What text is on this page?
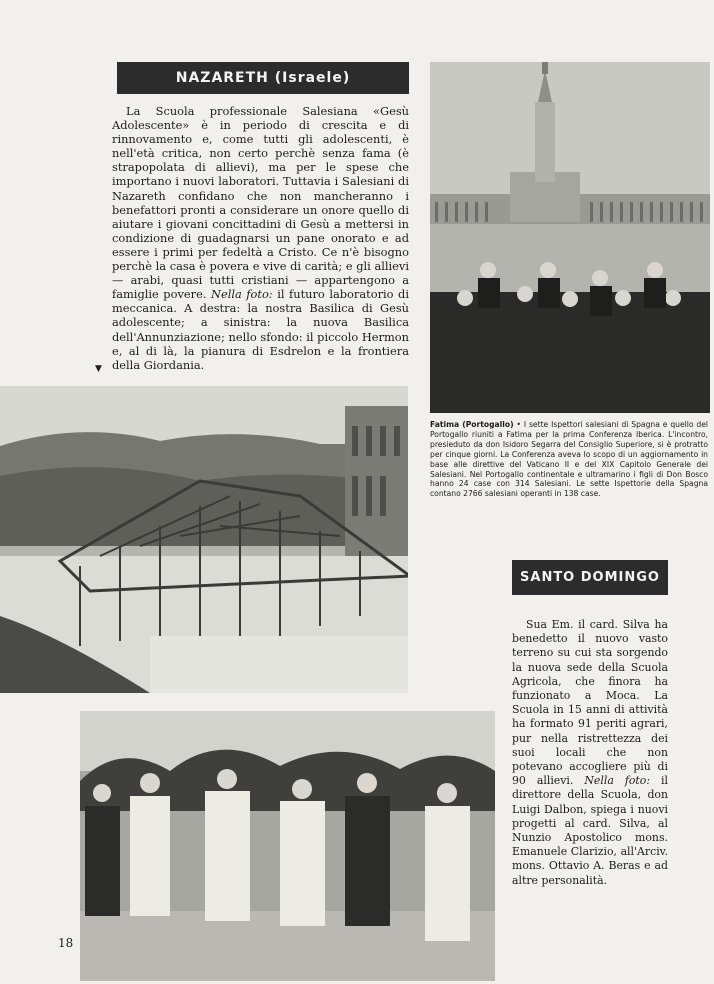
NAZARETH (Israele)
La Scuola professionale Salesiana «Gesù Adolescente» è in periodo di crescita e di rinnovamento e, come tutti gli adolescenti, è nell'età critica, non certo perchè senza fama (è strapopolata di allievi), ma per le spese che importano i nuovi laboratori. Tuttavia i Salesiani di Nazareth confidano che non mancheranno i benefattori pronti a considerare un onore quello di aiutare i giovani concittadini di Gesù a mettersi in condizione di guadagnarsi un pane onorato e ad essere i primi per fedeltà a Cristo. Ce n'è bisogno perchè la casa è povera e vive di carità; e gli allievi — arabi, quasi tutti cristiani — appartengono a famiglie povere. Nella foto: il futuro laboratorio di meccanica. A destra: la nostra Basilica di Gesù adolescente; a sinistra: la nuova Basilica dell'Annunziazione; nello sfondo: il piccolo Hermon e, al di là, la pianura di Esdrelon e la frontiera della Giordania.
▼
Fatima (Portogallo) • I sette Ispettori salesiani di Spagna e quello del Portogallo riuniti a Fatima per la prima Conferenza Iberica. L'incontro, presieduto da don Isidoro Segarra del Consiglio Superiore, si è protratto per cinque giorni. La Conferenza aveva lo scopo di un aggiornamento in base alle direttive del Vaticano II e del XIX Capitolo Generale dei Salesiani. Nel Portogallo continentale e ultramarino i figli di Don Bosco hanno 24 case con 314 Salesiani. Le sette Ispettorie della Spagna contano 2766 salesiani operanti in 138 case.
SANTO DOMINGO
Sua Em. il card. Silva ha benedetto il nuovo vasto terreno su cui sta sorgendo la nuova sede della Scuola Agricola, che finora ha funzionato a Moca. La Scuola in 15 anni di attività ha formato 91 periti agrari, pur nella ristrettezza dei suoi locali che non potevano accogliere più di 90 allievi. Nella foto: il direttore della Scuola, don Luigi Dalbon, spiega i nuovi progetti al card. Silva, al Nunzio Apostolico mons. Emanuele Clarizio, all'Arciv. mons. Ottavio A. Beras e ad altre personalità.
18
